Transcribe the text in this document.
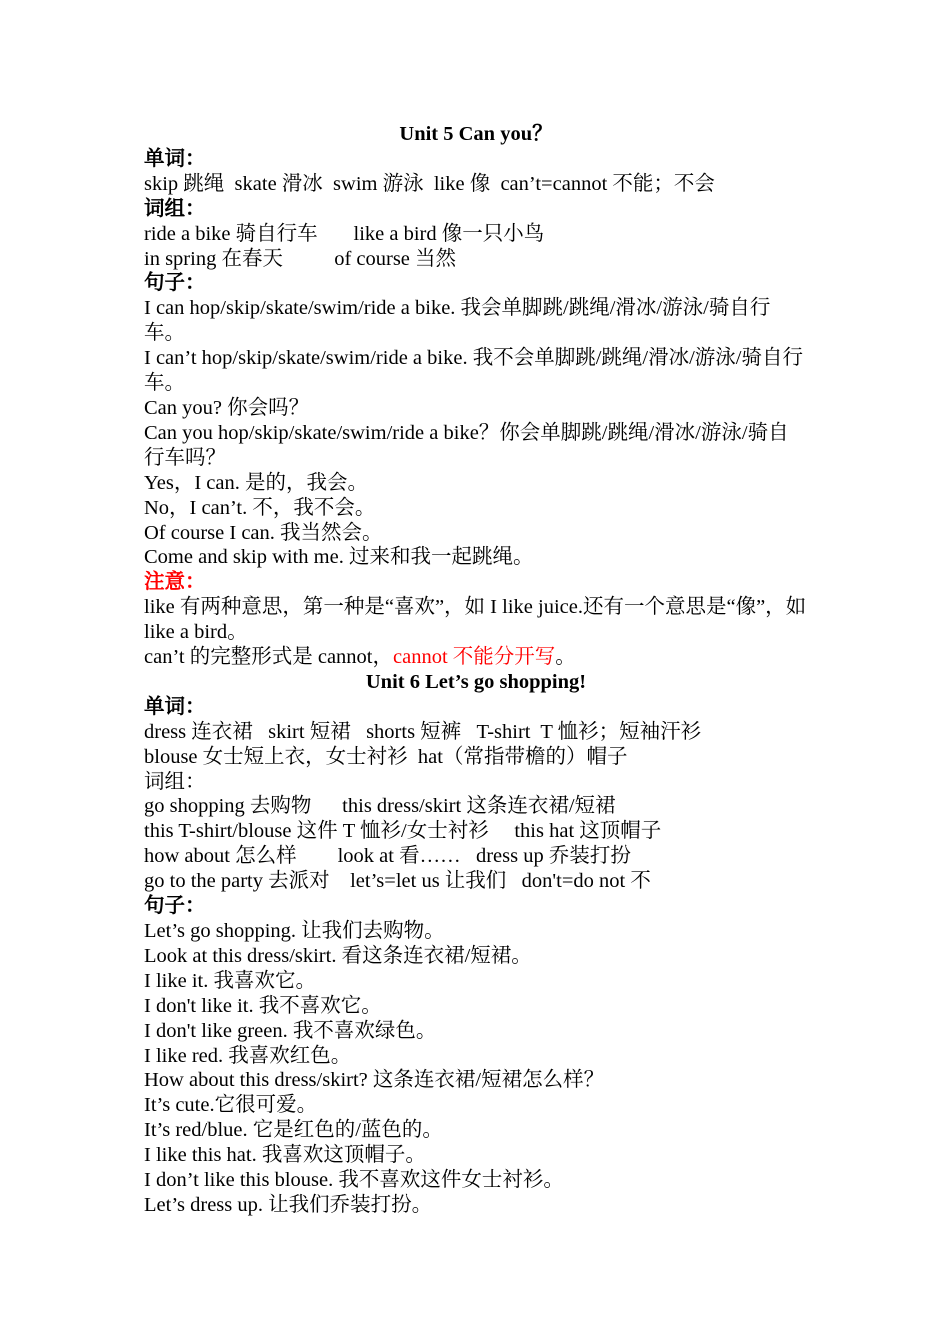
Unit 5 Can you？
单词：
skip 跳绳  skate 滑冰  swim 游泳  like 像  can’t=cannot 不能；不会
词组：
ride a bike 骑自行车       like a bird 像一只小鸟
in spring 在春天          of course 当然
句子：
I can hop/skip/skate/swim/ride a bike. 我会单脚跳/跳绳/滑冰/游泳/骑自行车。
I can’t hop/skip/skate/swim/ride a bike. 我不会单脚跳/跳绳/滑冰/游泳/骑自行车。
Can you? 你会吗？
Can you hop/skip/skate/swim/ride a bike？你会单脚跳/跳绳/滑冰/游泳/骑自行车吗？
Yes，I can. 是的，我会。
No，I can’t. 不，我不会。
Of course I can. 我当然会。
Come and skip with me. 过来和我一起跳绳。
注意：
like 有两种意思，第一种是“喜欢”，如 I like juice.还有一个意思是“像”，如 like a bird。
can’t 的完整形式是 cannot，cannot 不能分开写。
Unit 6 Let’s go shopping!
单词：
dress 连衣裙   skirt 短裙   shorts 短裤   T-shirt  T 恤衫；短袖汗衫
blouse 女士短上衣，女士衬衫  hat（常指带檐的）帽子
词组：
go shopping 去购物      this dress/skirt 这条连衣裙/短裙
this T-shirt/blouse 这件 T 恤衫/女士衬衫     this hat 这顶帽子
how about 怎么样        look at 看……   dress up 乔装打扮
go to the party 去派对    let’s=let us 让我们   don't=do not 不
句子：
Let’s go shopping. 让我们去购物。
Look at this dress/skirt. 看这条连衣裙/短裙。
I like it. 我喜欢它。
I don't like it. 我不喜欢它。
I don't like green. 我不喜欢绿色。
I like red. 我喜欢红色。
How about this dress/skirt? 这条连衣裙/短裙怎么样？
It’s cute.它很可爱。
It’s red/blue. 它是红色的/蓝色的。
I like this hat. 我喜欢这顶帽子。
I don’t like this blouse. 我不喜欢这件女士衬衫。
Let’s dress up. 让我们乔装打扮。
